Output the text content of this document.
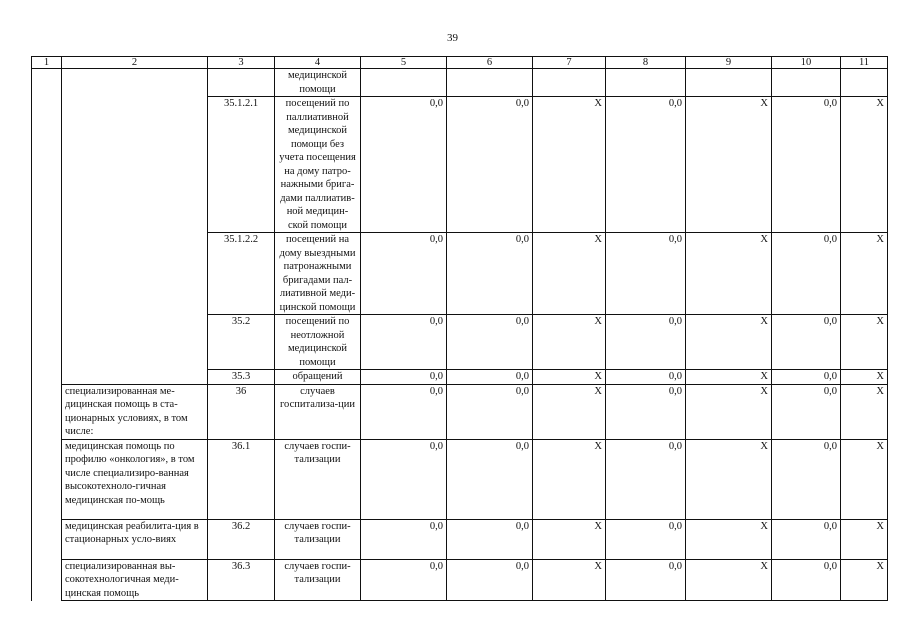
39
1	2	3	4	5	6	7	8	9	10	11
			медицинской помощи							
		35.1.2.1	посещений по паллиативной медицинской помощи без учета посещения на дому патро-нажными брига-дами паллиатив-ной медицин-ской помощи	0,0	0,0	Х	0,0	Х	0,0	Х
		35.1.2.2	посещений на дому выездными патронажными бригадами пал-лиативной меди-цинской помощи	0,0	0,0	Х	0,0	Х	0,0	Х
		35.2	посещений по неотложной медицинской помощи	0,0	0,0	Х	0,0	Х	0,0	Х
		35.3	обращений	0,0	0,0	Х	0,0	Х	0,0	Х
	специализированная ме-дицинская помощь в ста-ционарных условиях, в том числе:	36	случаев госпитализа-ции	0,0	0,0	Х	0,0	Х	0,0	Х
	медицинская помощь по профилю «онкология», в том числе специализиро-ванная высокотехноло-гичная медицинская по-мощь	36.1	случаев госпи-тализации	0,0	0,0	Х	0,0	Х	0,0	Х
	медицинская реабилита-ция в стационарных усло-виях	36.2	случаев госпи-тализации	0,0	0,0	Х	0,0	Х	0,0	Х
	специализированная вы-сокотехнологичная меди-цинская помощь	36.3	случаев госпи-тализации	0,0	0,0	Х	0,0	Х	0,0	Х
